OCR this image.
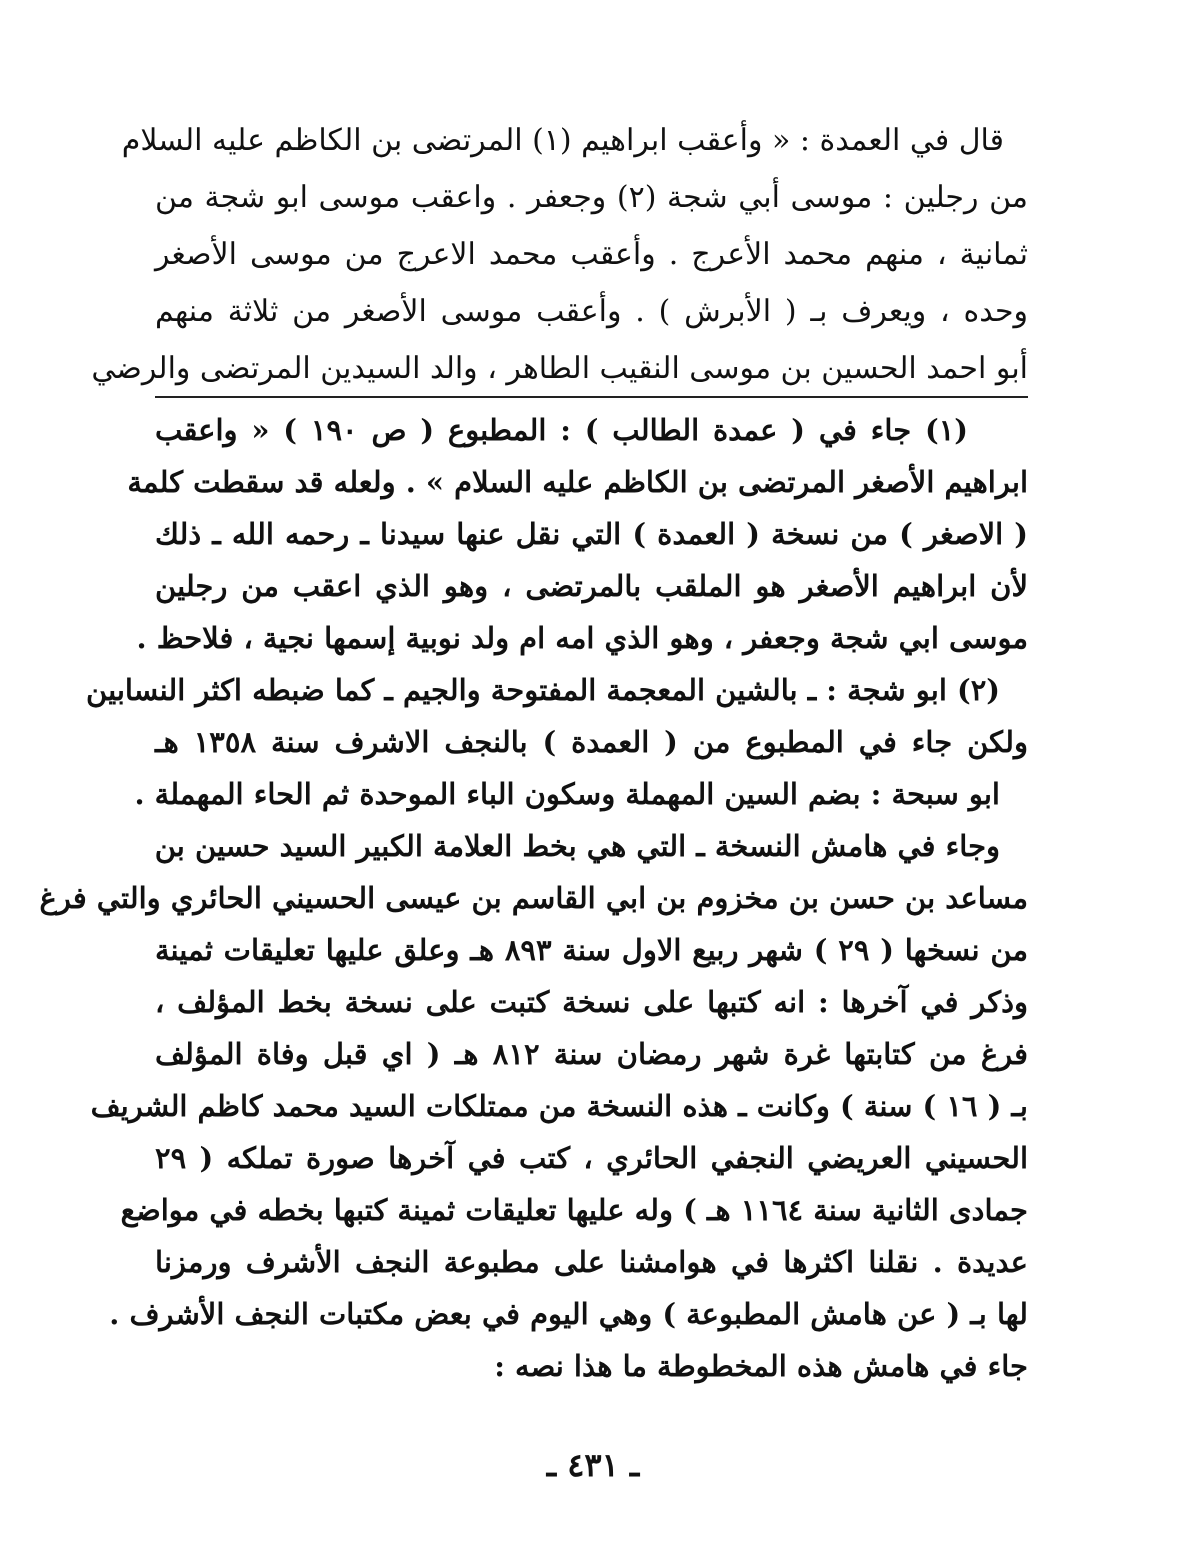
قال في العمدة : « وأعقب ابراهيم (١) المرتضى بن الكاظم عليه السلام
من رجلين : موسى أبي شجة (٢) وجعفر . واعقب موسى ابو شجة من
ثمانية ، منهم محمد الأعرج . وأعقب محمد الاعرج من موسى الأصغر
وحده ، ويعرف بـ ( الأبرش ) . وأعقب موسى الأصغر من ثلاثة منهم
أبو احمد الحسين بن موسى النقيب الطاهر ، والد السيدين المرتضى والرضي
(١) جاء في ( عمدة الطالب ) : المطبوع ( ص ١٩٠ ) « واعقب
ابراهيم الأصغر المرتضى بن الكاظم عليه السلام » . ولعله قد سقطت كلمة
( الاصغر ) من نسخة ( العمدة ) التي نقل عنها سيدنا ـ رحمه الله ـ ذلك
لأن ابراهيم الأصغر هو الملقب بالمرتضى ، وهو الذي اعقب من رجلين
موسى ابي شجة وجعفر ، وهو الذي امه ام ولد نوبية إسمها نجية ، فلاحظ .
(٢) ابو شجة : ـ بالشين المعجمة المفتوحة والجيم ـ كما ضبطه اكثر النسابين
ولكن جاء في المطبوع من ( العمدة ) بالنجف الاشرف سنة ١٣٥٨ هـ
ابو سبحة : بضم السين المهملة وسكون الباء الموحدة ثم الحاء المهملة .
وجاء في هامش النسخة ـ التي هي بخط العلامة الكبير السيد حسين بن
مساعد بن حسن بن مخزوم بن ابي القاسم بن عيسى الحسيني الحائري والتي فرغ
من نسخها ( ٢٩ ) شهر ربيع الاول سنة ٨٩٣ هـ وعلق عليها تعليقات ثمينة
وذكر في آخرها : انه كتبها على نسخة كتبت على نسخة بخط المؤلف ،
فرغ من كتابتها غرة شهر رمضان سنة ٨١٢ هـ ( اي قبل وفاة المؤلف
بـ ( ١٦ ) سنة ) وكانت ـ هذه النسخة من ممتلكات السيد محمد كاظم الشريف
الحسيني العريضي النجفي الحائري ، كتب في آخرها صورة تملكه ( ٢٩
جمادى الثانية سنة ١١٦٤ هـ ) وله عليها تعليقات ثمينة كتبها بخطه في مواضع
عديدة . نقلنا اكثرها في هوامشنا على مطبوعة النجف الأشرف ورمزنا
لها بـ ( عن هامش المطبوعة ) وهي اليوم في بعض مكتبات النجف الأشرف .
جاء في هامش هذه المخطوطة ما هذا نصه :
ـ ٤٣١ ـ
